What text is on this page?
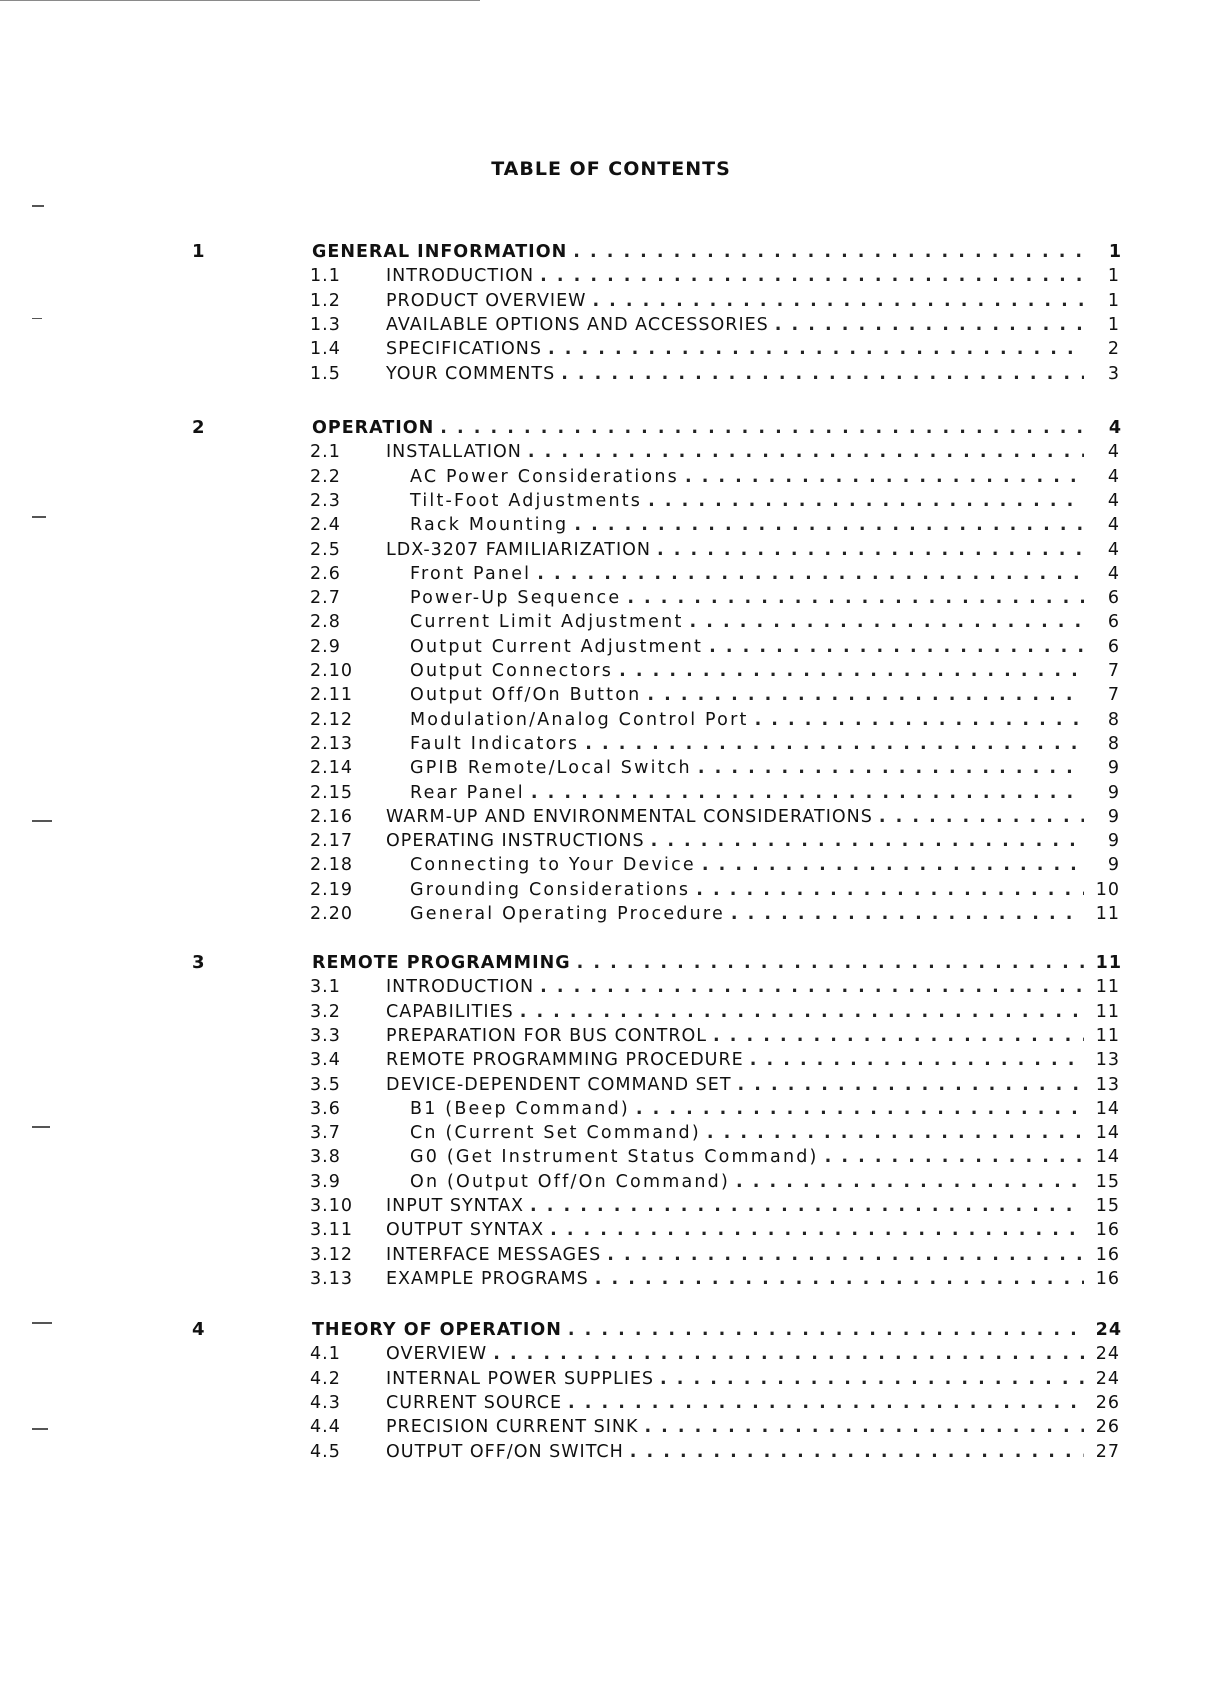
TABLE OF CONTENTS
1	GENERAL INFORMATION . . .	1
1.1	INTRODUCTION . . .	1
1.2	PRODUCT OVERVIEW . . .	1
1.3	AVAILABLE OPTIONS AND ACCESSORIES . . .	1
1.4	SPECIFICATIONS . . .	2
1.5	YOUR COMMENTS . . .	3
2	OPERATION . . .	4
2.1	INSTALLATION . . .	4
2.2	AC Power Considerations . . .	4
2.3	Tilt-Foot Adjustments . . .	4
2.4	Rack Mounting . . .	4
2.5	LDX-3207 FAMILIARIZATION . . .	4
2.6	Front Panel . . .	4
2.7	Power-Up Sequence . . .	6
2.8	Current Limit Adjustment . . .	6
2.9	Output Current Adjustment . . .	6
2.10	Output Connectors . . .	7
2.11	Output Off/On Button . . .	7
2.12	Modulation/Analog Control Port . . .	8
2.13	Fault Indicators . . .	8
2.14	GPIB Remote/Local Switch . . .	9
2.15	Rear Panel . . .	9
2.16	WARM-UP AND ENVIRONMENTAL CONSIDERATIONS . . .	9
2.17	OPERATING INSTRUCTIONS . . .	9
2.18	Connecting to Your Device . . .	9
2.19	Grounding Considerations . . .	10
2.20	General Operating Procedure . . .	11
3	REMOTE PROGRAMMING . . .	11
3.1	INTRODUCTION . . .	11
3.2	CAPABILITIES . . .	11
3.3	PREPARATION FOR BUS CONTROL . . .	11
3.4	REMOTE PROGRAMMING PROCEDURE . . .	13
3.5	DEVICE-DEPENDENT COMMAND SET . . .	13
3.6	B1 (Beep Command) . . .	14
3.7	Cn (Current Set Command) . . .	14
3.8	G0 (Get Instrument Status Command) . . .	14
3.9	On (Output Off/On Command) . . .	15
3.10	INPUT SYNTAX . . .	15
3.11	OUTPUT SYNTAX . . .	16
3.12	INTERFACE MESSAGES . . .	16
3.13	EXAMPLE PROGRAMS . . .	16
4	THEORY OF OPERATION . . .	24
4.1	OVERVIEW . . .	24
4.2	INTERNAL POWER SUPPLIES . . .	24
4.3	CURRENT SOURCE . . .	26
4.4	PRECISION CURRENT SINK . . .	26
4.5	OUTPUT OFF/ON SWITCH . . .	27
